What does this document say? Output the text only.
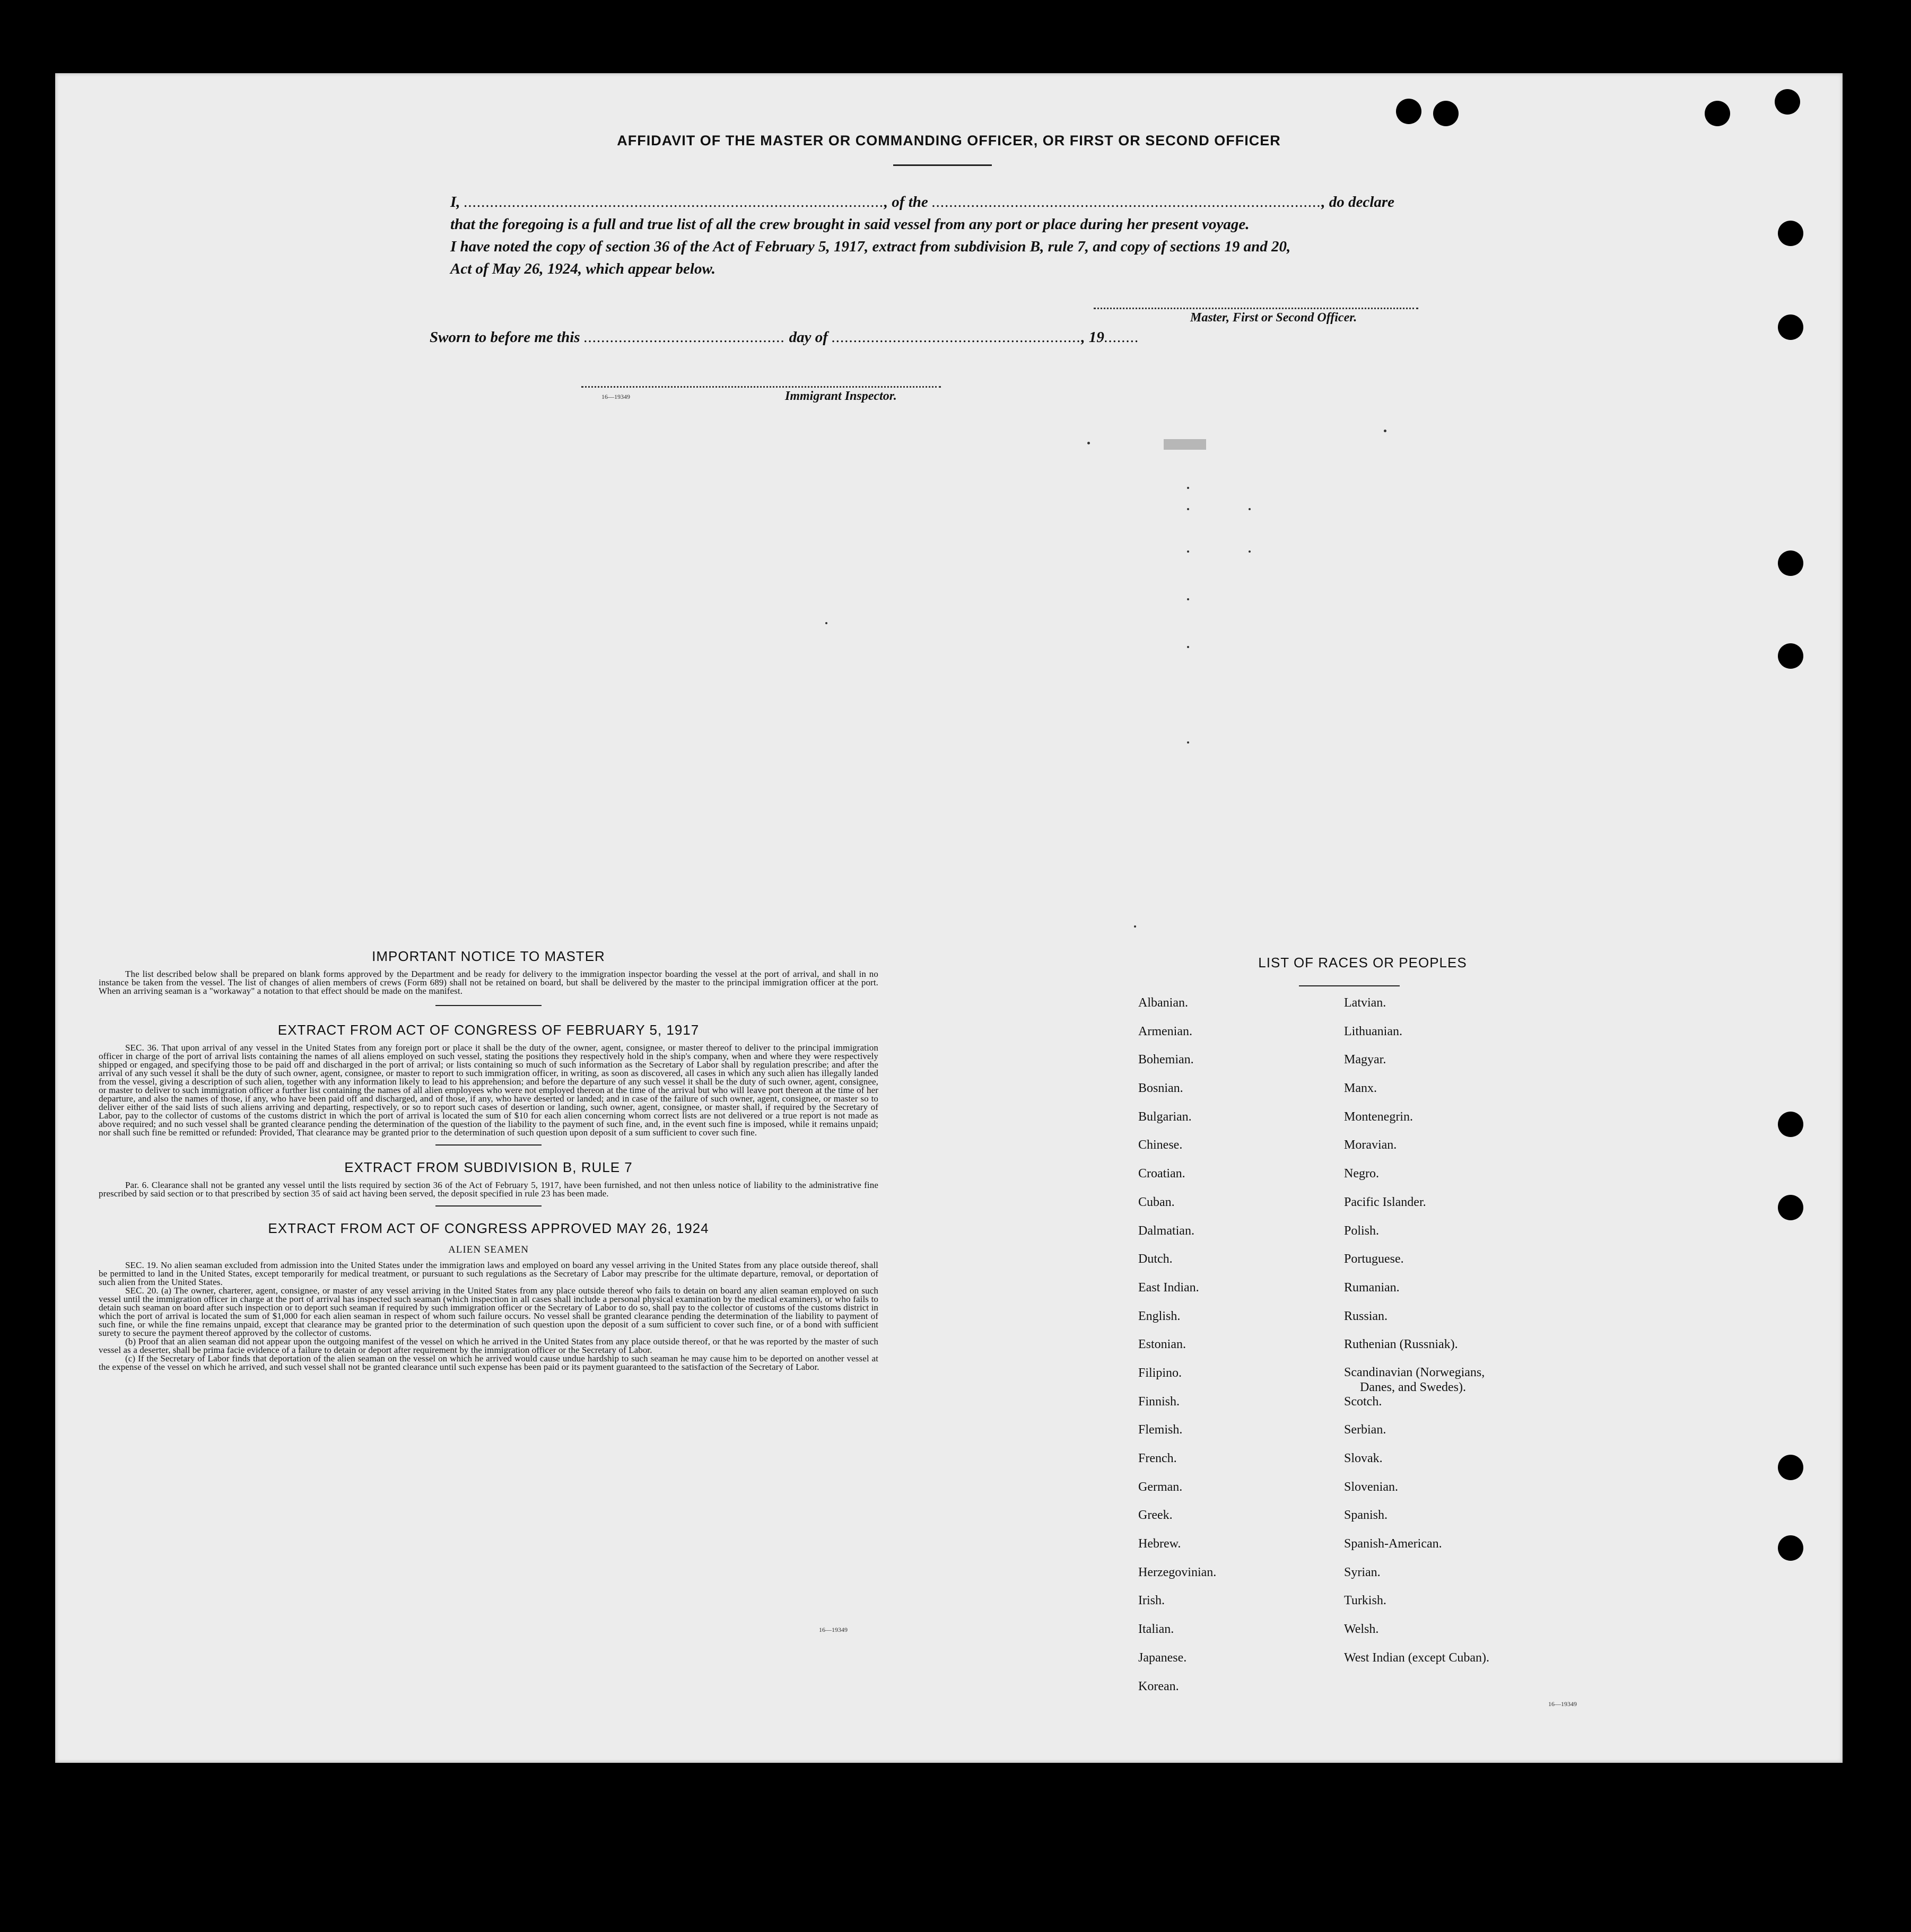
AFFIDAVIT OF THE MASTER OR COMMANDING OFFICER, OR FIRST OR SECOND OFFICER
I, ................................................................................................, of the ........................................................................................., do declare
that the foregoing is a full and true list of all the crew brought in said vessel from any port or place during her present voyage.
I have noted the copy of section 36 of the Act of February 5, 1917, extract from subdivision B, rule 7, and copy of sections 19 and 20,
Act of May 26, 1924, which appear below.
Master, First or Second Officer.
Sworn to before me this .............................................. day of ........................................................., 19........
16—19349	Immigrant Inspector.
IMPORTANT NOTICE TO MASTER

The list described below shall be prepared on blank forms approved by the Department and be ready for delivery to the immigration inspector boarding the vessel at the port of arrival, and shall in no instance be taken from the vessel. The list of changes of alien members of crews (Form 689) shall not be retained on board, but shall be delivered by the master to the principal immigration officer at the port. When an arriving seaman is a "workaway" a notation to that effect should be made on the manifest.

EXTRACT FROM ACT OF CONGRESS OF FEBRUARY 5, 1917

SEC. 36. That upon arrival of any vessel in the United States from any foreign port or place it shall be the duty of the owner, agent, consignee, or master thereof to deliver to the principal immigration officer in charge of the port of arrival lists containing the names of all aliens employed on such vessel, stating the positions they respectively hold in the ship's company, when and where they were respectively shipped or engaged, and specifying those to be paid off and discharged in the port of arrival; or lists containing so much of such information as the Secretary of Labor shall by regulation prescribe; and after the arrival of any such vessel it shall be the duty of such owner, agent, consignee, or master to report to such immigration officer, in writing, as soon as discovered, all cases in which any such alien has illegally landed from the vessel, giving a description of such alien, together with any information likely to lead to his apprehension; and before the departure of any such vessel it shall be the duty of such owner, agent, consignee, or master to deliver to such immigration officer a further list containing the names of all alien employees who were not employed thereon at the time of the arrival but who will leave port thereon at the time of her departure, and also the names of those, if any, who have been paid off and discharged, and of those, if any, who have deserted or landed; and in case of the failure of such owner, agent, consignee, or master so to deliver either of the said lists of such aliens arriving and departing, respectively, or so to report such cases of desertion or landing, such owner, agent, consignee, or master shall, if required by the Secretary of Labor, pay to the collector of customs of the customs district in which the port of arrival is located the sum of $10 for each alien concerning whom correct lists are not delivered or a true report is not made as above required; and no such vessel shall be granted clearance pending the determination of the question of the liability to the payment of such fine, and, in the event such fine is imposed, while it remains unpaid; nor shall such fine be remitted or refunded: Provided, That clearance may be granted prior to the determination of such question upon deposit of a sum sufficient to cover such fine.

EXTRACT FROM SUBDIVISION B, RULE 7

Par. 6. Clearance shall not be granted any vessel until the lists required by section 36 of the Act of February 5, 1917, have been furnished, and not then unless notice of liability to the administrative fine prescribed by said section or to that prescribed by section 35 of said act having been served, the deposit specified in rule 23 has been made.

EXTRACT FROM ACT OF CONGRESS APPROVED MAY 26, 1924
ALIEN SEAMEN

SEC. 19. No alien seaman excluded from admission into the United States under the immigration laws and employed on board any vessel arriving in the United States from any place outside thereof, shall be permitted to land in the United States, except temporarily for medical treatment, or pursuant to such regulations as the Secretary of Labor may prescribe for the ultimate departure, removal, or deportation of such alien from the United States.

SEC. 20. (a) The owner, charterer, agent, consignee, or master of any vessel arriving in the United States from any place outside thereof who fails to detain on board any alien seaman employed on such vessel until the immigration officer in charge at the port of arrival has inspected such seaman (which inspection in all cases shall include a personal physical examination by the medical examiners), or who fails to detain such seaman on board after such inspection or to deport such seaman if required by such immigration officer or the Secretary of Labor to do so, shall pay to the collector of customs of the customs district in which the port of arrival is located the sum of $1,000 for each alien seaman in respect of whom such failure occurs. No vessel shall be granted clearance pending the determination of the liability to payment of such fine, or while the fine remains unpaid, except that clearance may be granted prior to the determination of such question upon the deposit of a sum sufficient to cover such fine, or of a bond with sufficient surety to secure the payment thereof approved by the collector of customs.

(b) Proof that an alien seaman did not appear upon the outgoing manifest of the vessel on which he arrived in the United States from any place outside thereof, or that he was reported by the master of such vessel as a deserter, shall be prima facie evidence of a failure to detain or deport after requirement by the immigration officer or the Secretary of Labor.

(c) If the Secretary of Labor finds that deportation of the alien seaman on the vessel on which he arrived would cause undue hardship to such seaman he may cause him to be deported on another vessel at the expense of the vessel on which he arrived, and such vessel shall not be granted clearance until such expense has been paid or its payment guaranteed to the satisfaction of the Secretary of Labor.

16—19349
LIST OF RACES OR PEOPLES
Albanian.
Armenian.
Bohemian.
Bosnian.
Bulgarian.
Chinese.
Croatian.
Cuban.
Dalmatian.
Dutch.
East Indian.
English.
Estonian.
Filipino.
Finnish.
Flemish.
French.
German.
Greek.
Hebrew.
Herzegovinian.
Irish.
Italian.
Japanese.
Korean.
Latvian.
Lithuanian.
Magyar.
Manx.
Montenegrin.
Moravian.
Negro.
Pacific Islander.
Polish.
Portuguese.
Rumanian.
Russian.
Ruthenian (Russniak).
Scandinavian (Norwegians,
Danes, and Swedes).
Scotch.
Serbian.
Slovak.
Slovenian.
Spanish.
Spanish-American.
Syrian.
Turkish.
Welsh.
West Indian (except Cuban).
16—19349
